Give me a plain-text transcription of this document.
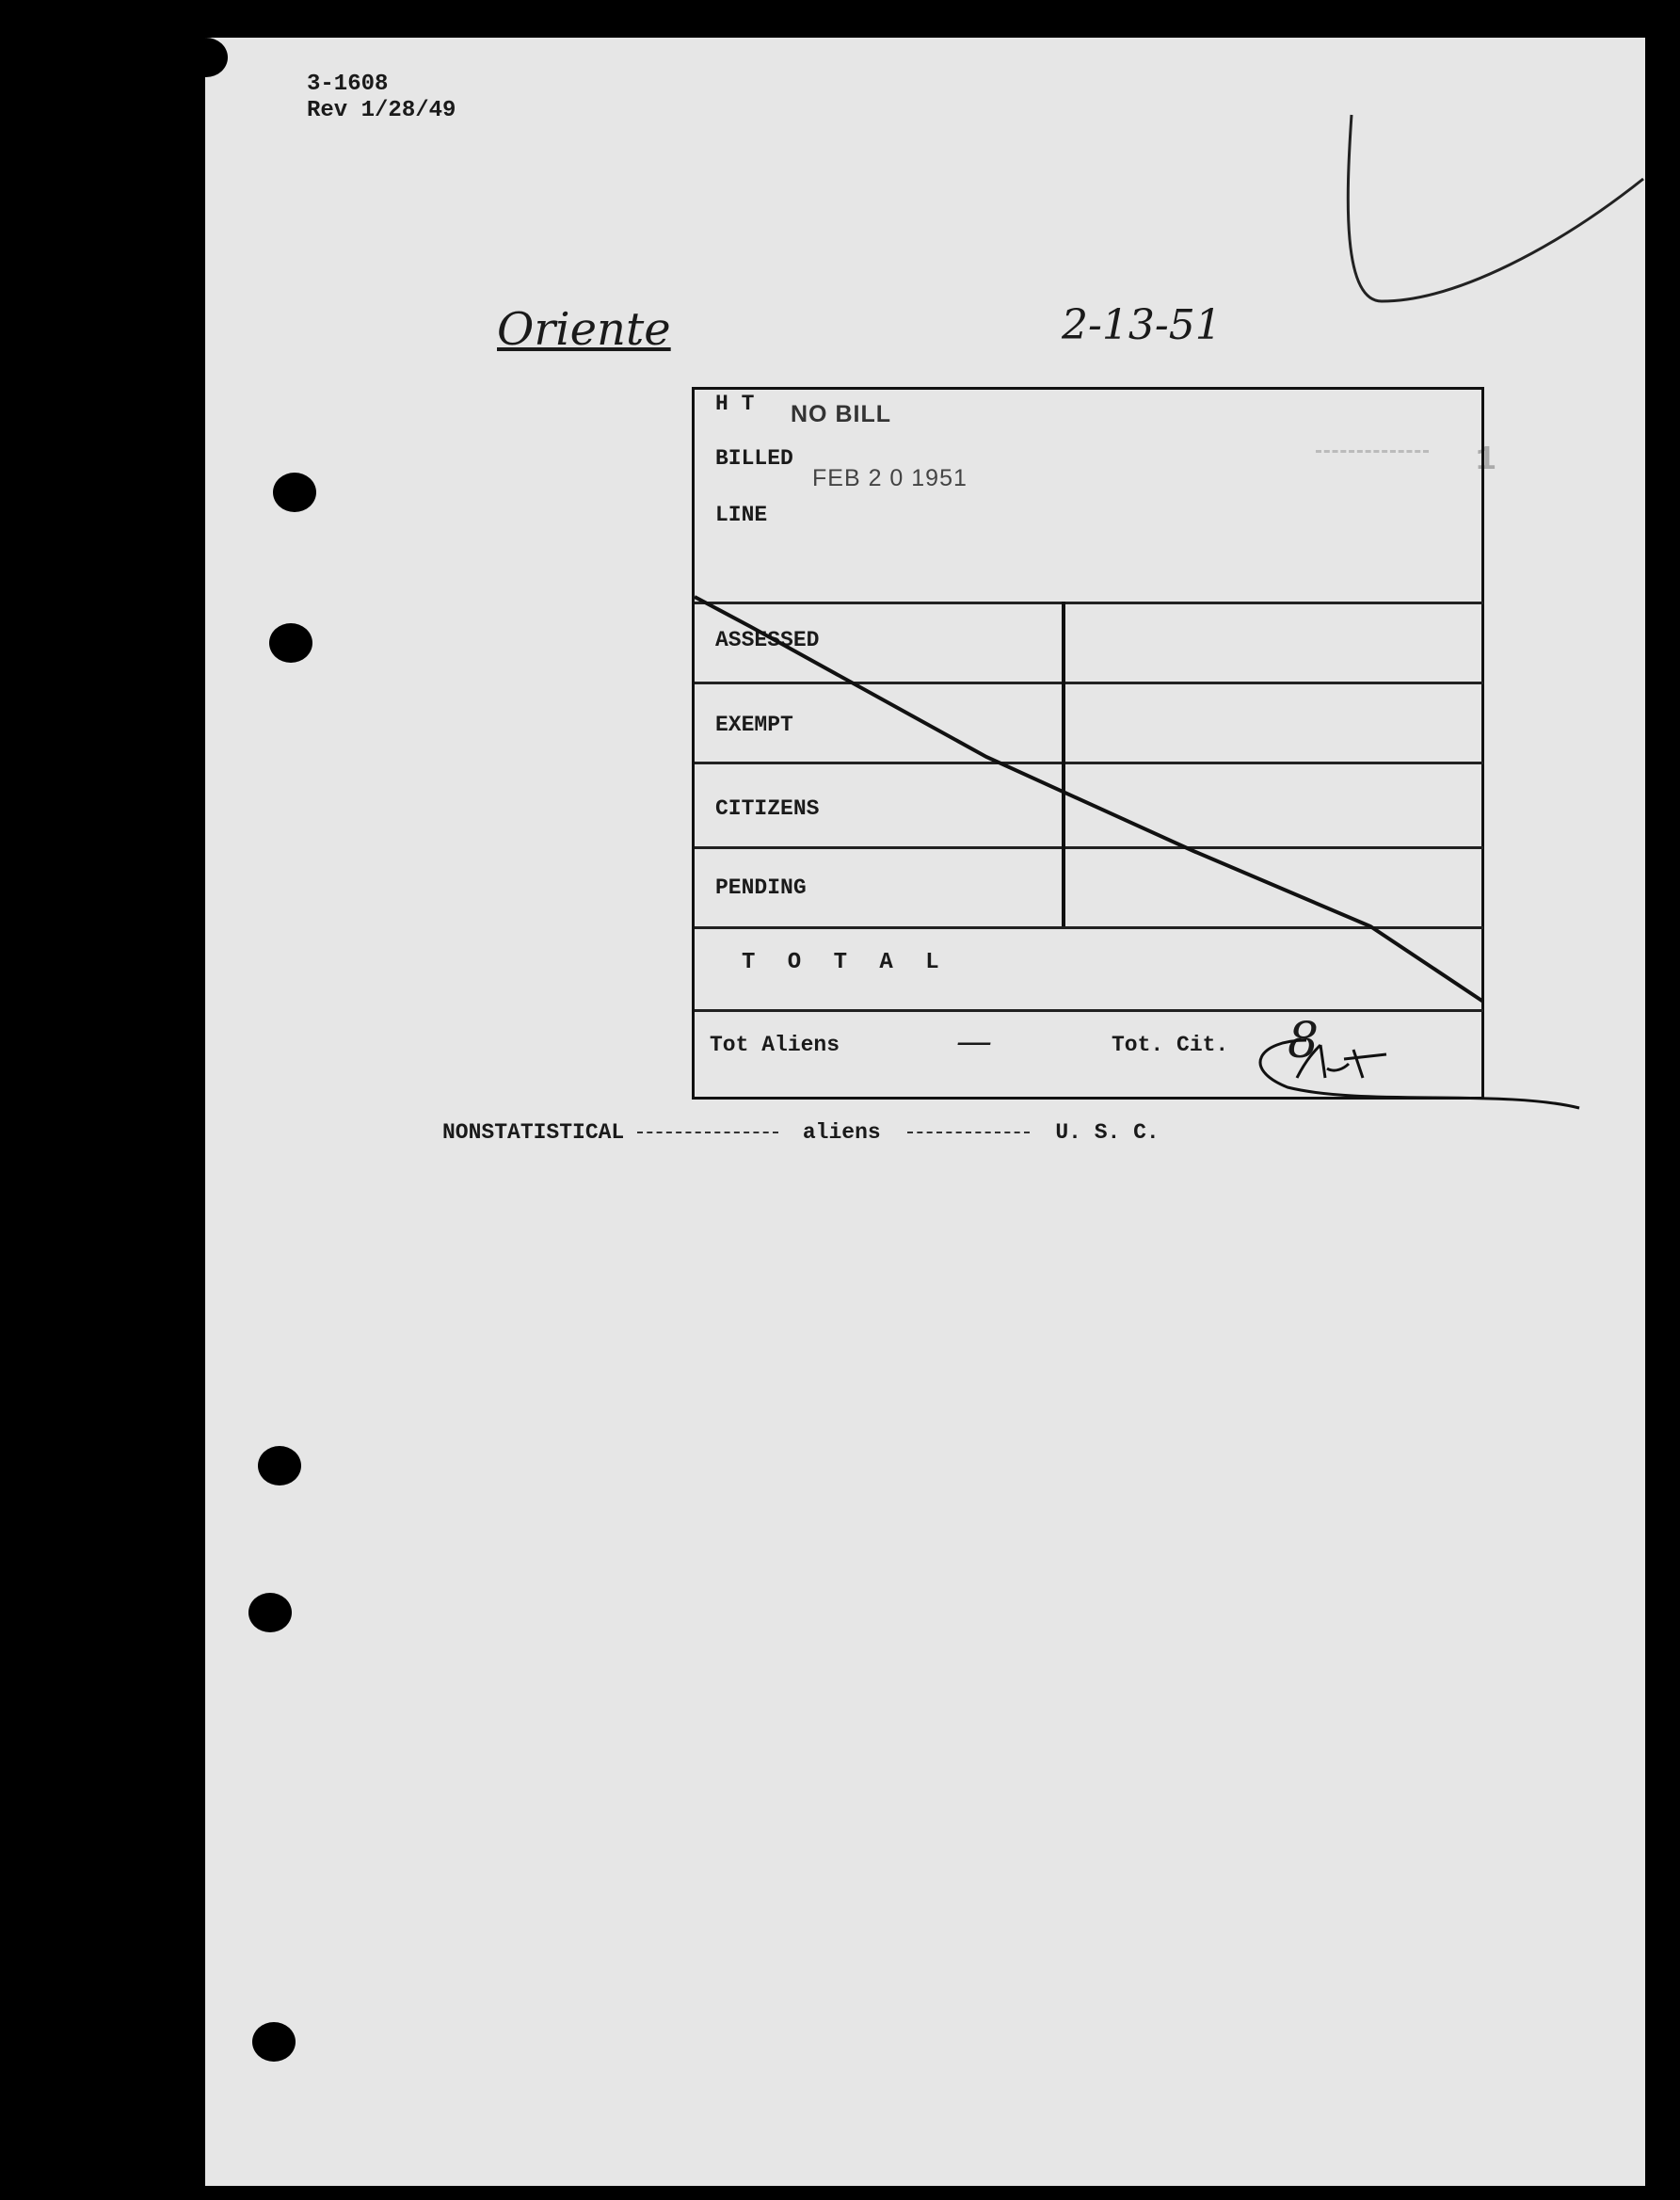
3-1608
Rev 1/28/49
Oriente	2-13-51
1
H T NO BILL
BILLED
FEB 2 0 1951
LINE
ASSESSED
EXEMPT
CITIZENS
PENDING
T O T A L
Tot Aliens	—	Tot. Cit. 8
NONSTATISTICAL	aliens	U. S. C.
